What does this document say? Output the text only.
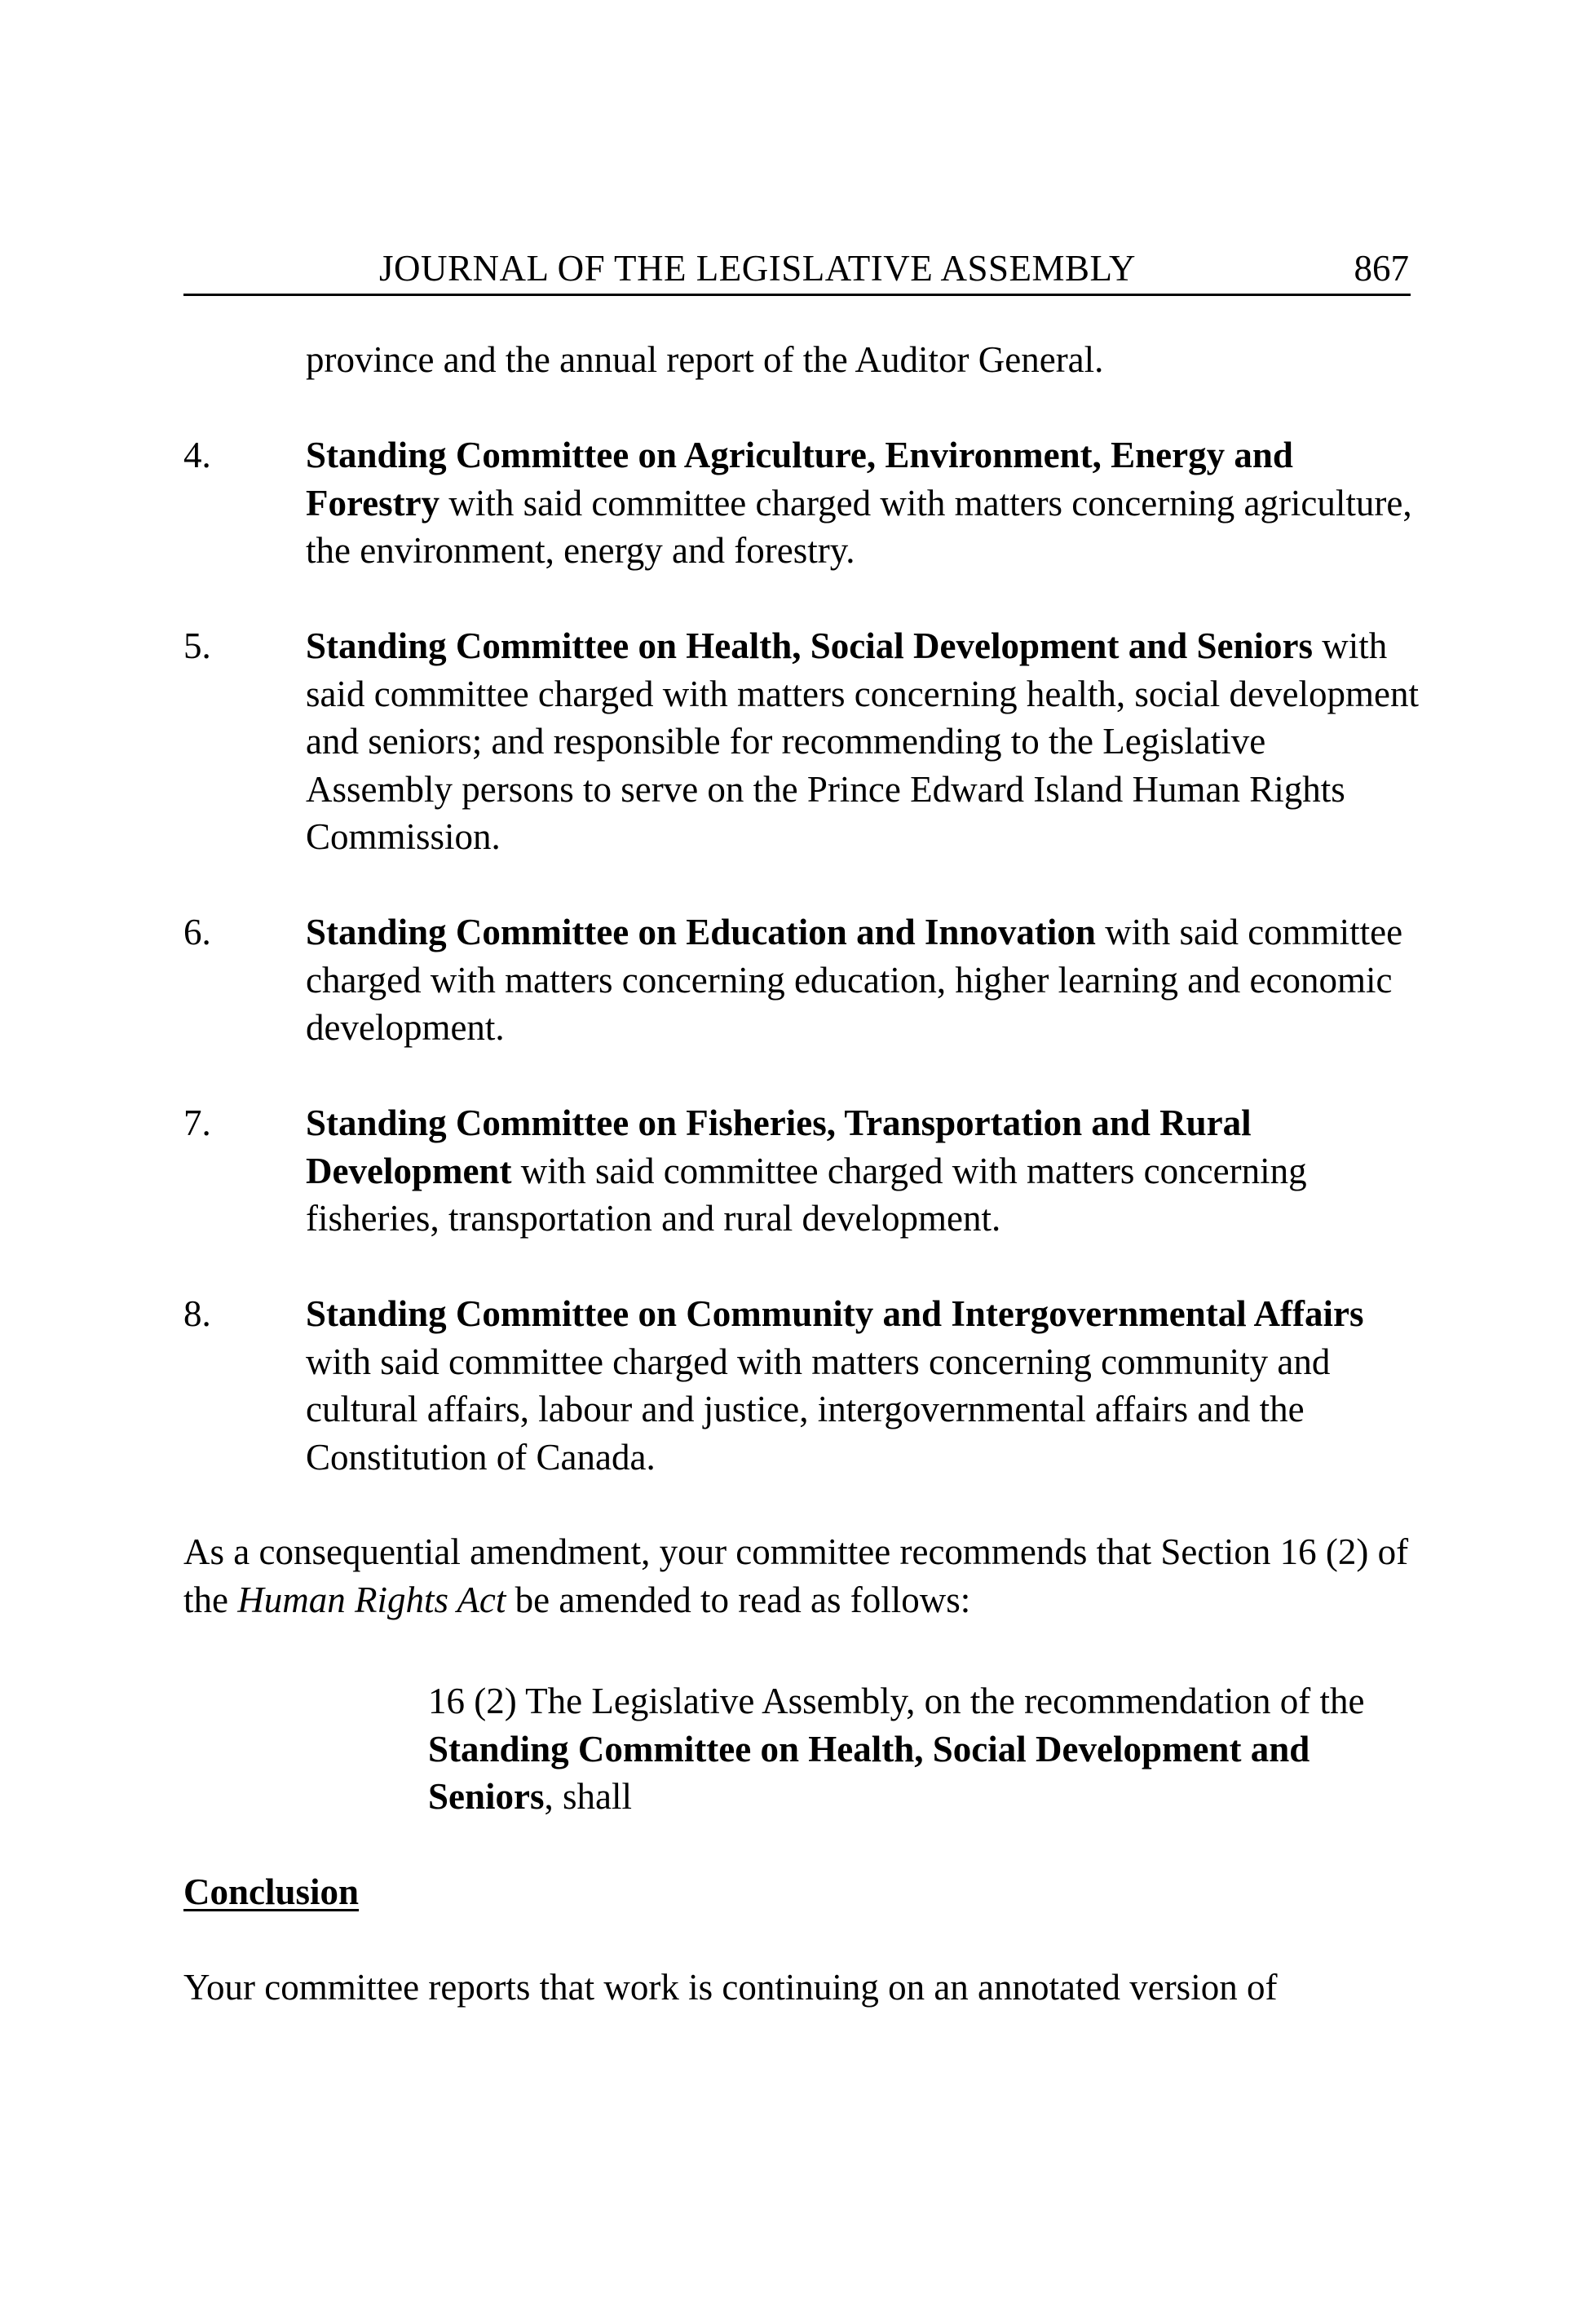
JOURNAL OF THE LEGISLATIVE ASSEMBLY	867
province and the annual report of the Auditor General.
4.	Standing Committee on Agriculture, Environment, Energy and Forestry with said committee charged with matters concerning agriculture, the environment, energy and forestry.
5.	Standing Committee on Health, Social Development and Seniors with said committee charged with matters concerning health, social development and seniors; and responsible for recommending to the Legislative Assembly persons to serve on the Prince Edward Island Human Rights Commission.
6.	Standing Committee on Education and Innovation with said committee charged with matters concerning education, higher learning and economic development.
7.	Standing Committee on Fisheries, Transportation and Rural Development with said committee charged with matters concerning fisheries, transportation and rural development.
8.	Standing Committee on Community and Intergovernmental Affairs with said committee charged with matters concerning community and cultural affairs, labour and justice, intergovernmental affairs and the Constitution of Canada.
As a consequential amendment, your committee recommends that Section 16 (2) of the Human Rights Act be amended to read as follows:
16 (2) The Legislative Assembly, on the recommendation of the Standing Committee on Health, Social Development and Seniors, shall
Conclusion
Your committee reports that work is continuing on an annotated version of
